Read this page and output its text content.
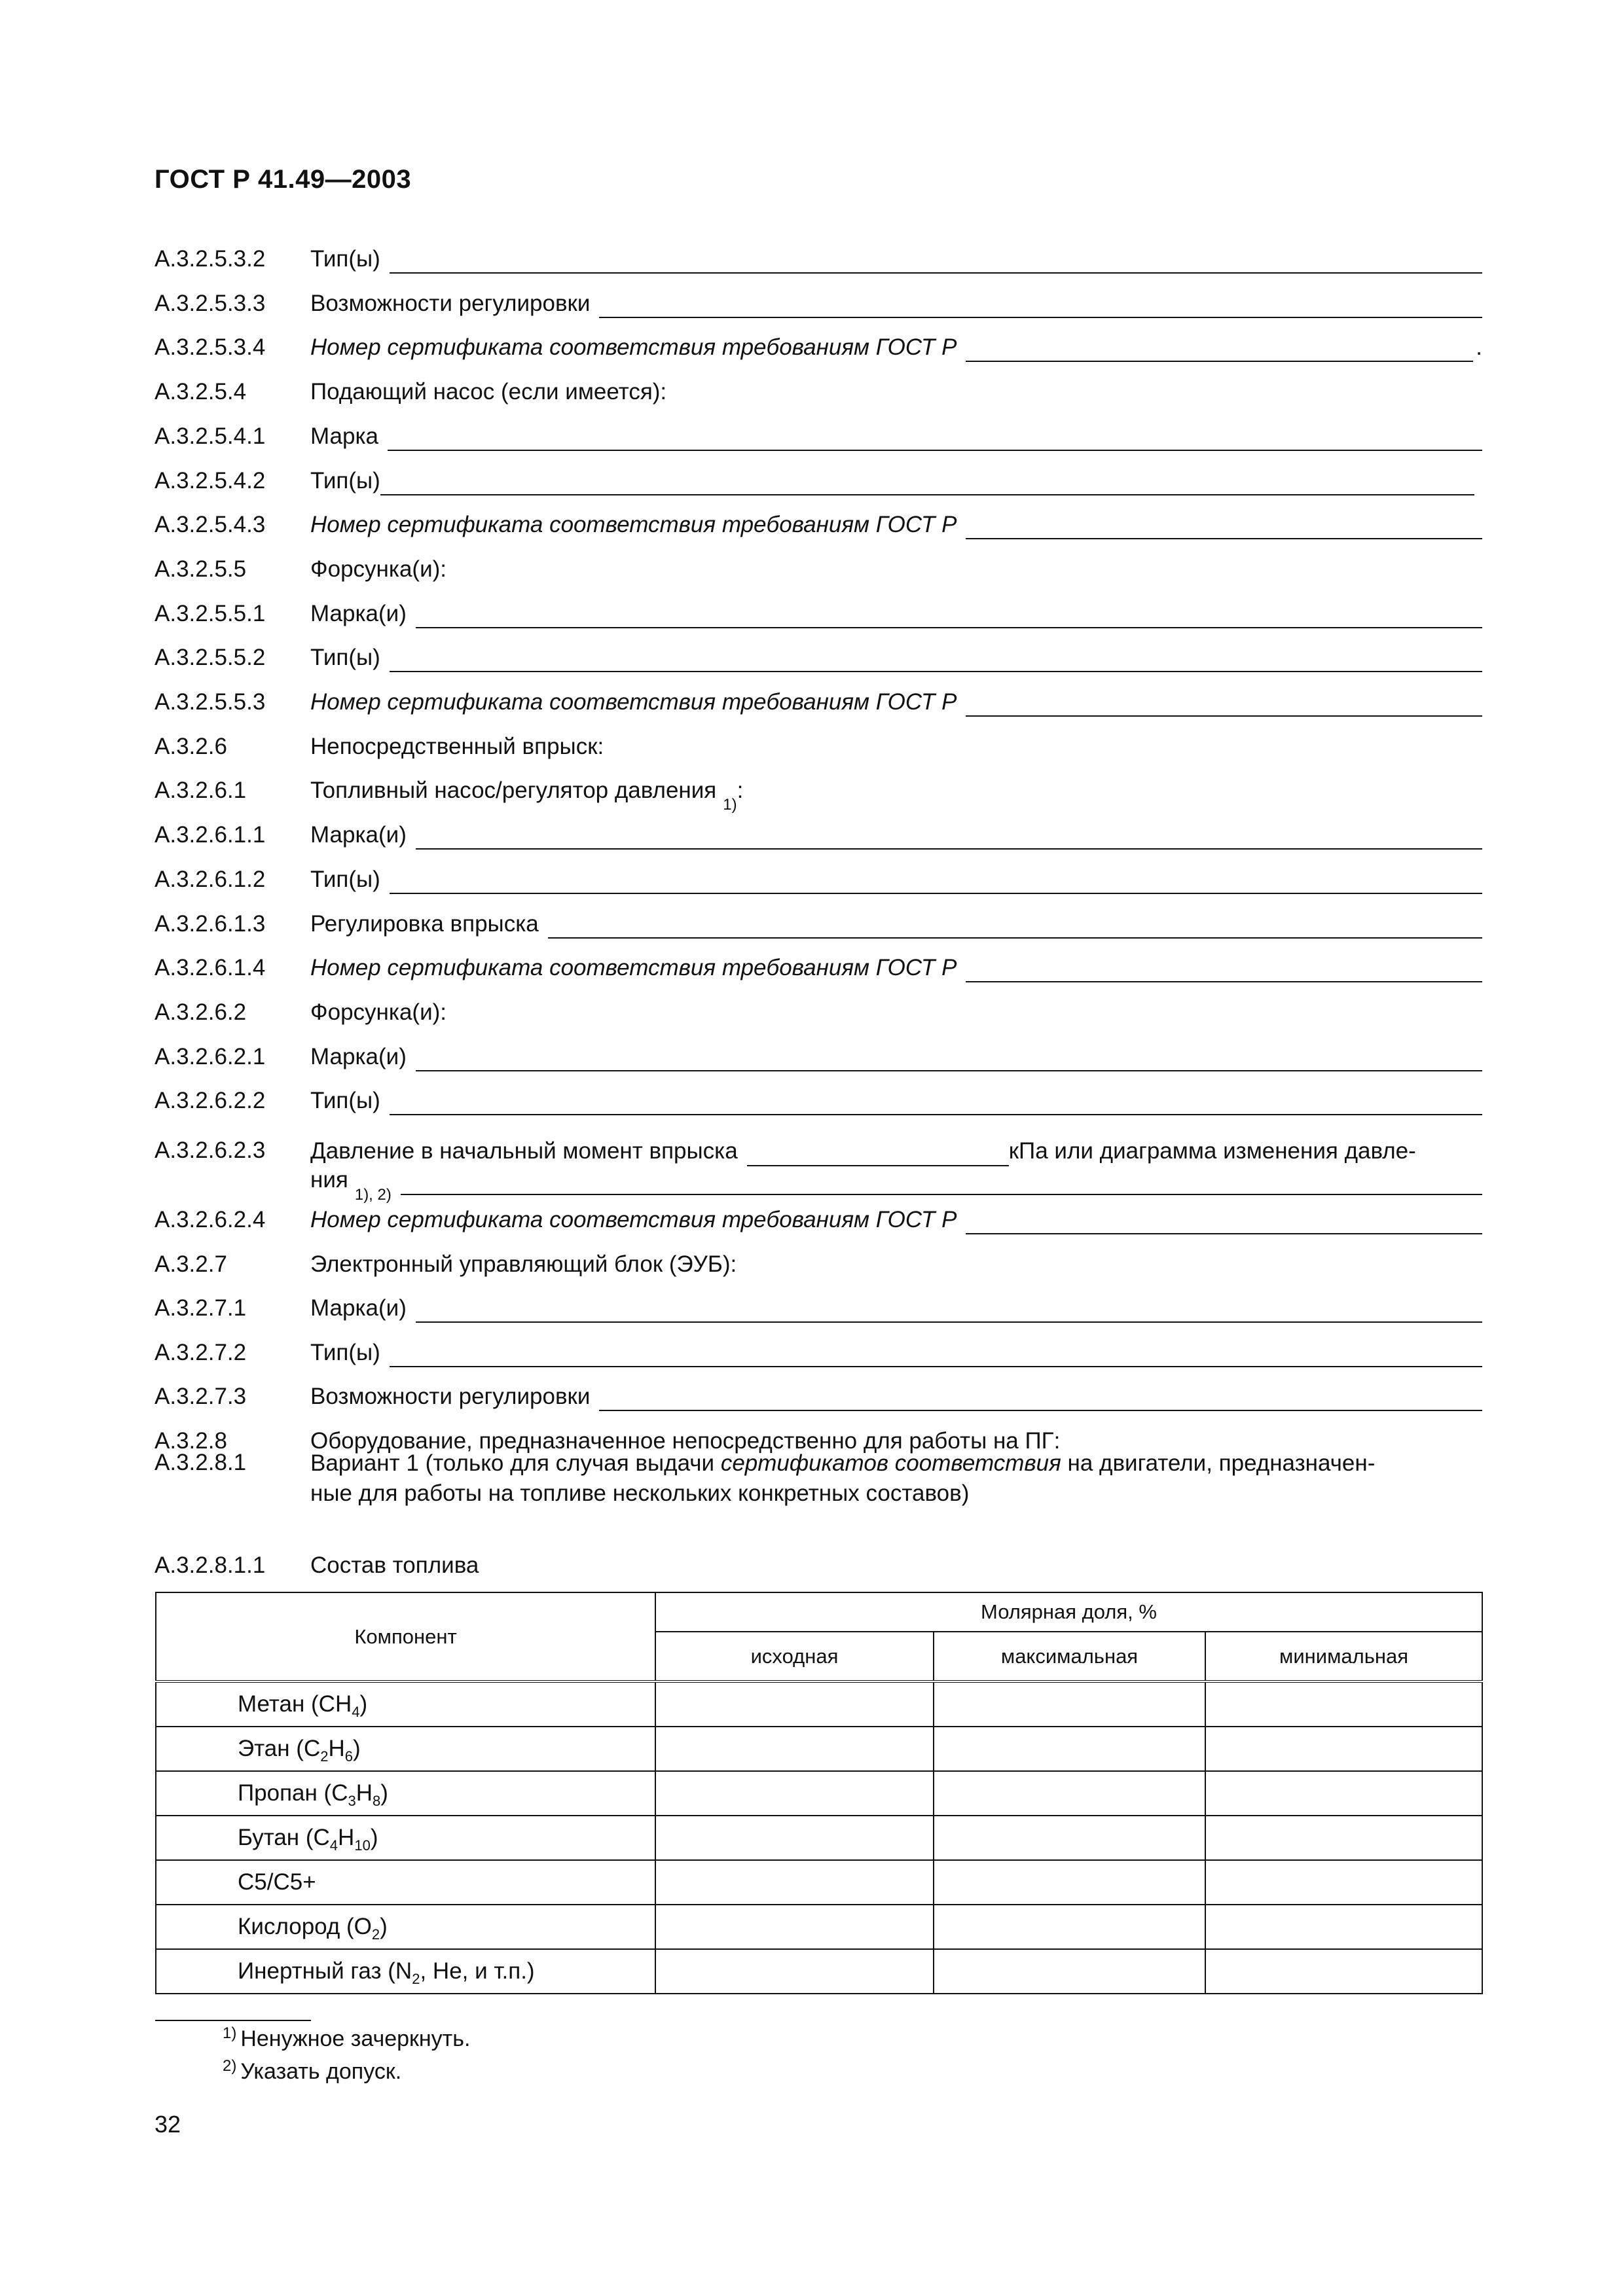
ГОСТ Р 41.49—2003
А.3.2.5.3.2 Тип(ы)
А.3.2.5.3.3 Возможности регулировки
А.3.2.5.3.4 Номер сертификата соответствия требованиям ГОСТ Р	.
А.3.2.5.4	Подающий насос (если имеется):
А.3.2.5.4.1 Марка
А.3.2.5.4.2 Тип(ы)
А.3.2.5.4.3 Номер сертификата соответствия требованиям ГОСТ Р
А.3.2.5.5	Форсунка(и):
А.3.2.5.5.1 Марка(и)
А.3.2.5.5.2 Тип(ы)
А.3.2.5.5.3 Номер сертификата соответствия требованиям ГОСТ Р
А.3.2.6	Непосредственный впрыск:
А.3.2.6.1	Топливный насос/регулятор давления
1)
:
А.3.2.6.1.1 Марка(и)
А.3.2.6.1.2 Тип(ы)
А.3.2.6.1.3 Регулировка впрыска
А.3.2.6.1.4 Номер сертификата соответствия требованиям ГОСТ Р
А.3.2.6.2	Форсунка(и):
А.3.2.6.2.1 Марка(и)
А.3.2.6.2.2 Тип(ы)
А.3.2.6.2.3 Давление в начальный момент впрыска	кПа или диаграмма изменения давле-
ния
1), 2)
А.3.2.6.2.4 Номер сертификата соответствия требованиям ГОСТ Р
А.3.2.7	Электронный управляющий блок (ЭУБ):
А.3.2.7.1	Марка(и)
А.3.2.7.2	Тип(ы)
А.3.2.7.3	Возможности регулировки
А.3.2.8	Оборудование, предназначенное непосредственно для работы на ПГ:
А.3.2.8.1	Вариант 1 (только для случая выдачи сертификатов соответствия на двигатели, предназначен-
ные для работы на топливе нескольких конкретных составов)
А.3.2.8.1.1 Состав топлива
Компонент	Молярная доля, %		
	исходная	максимальная	минимальная
Метан $(CH_4)$			
Этан $(C_2H_6)$			
Пропан $(C_3H_8)$			
Бутан $(C_4H_{10})$			
C5/C5+			
Кислород $(O_2)$			
Инертный газ ($N_2$, He, и т.п.)			
$^{1)}$ Ненужное зачеркнуть.
$^{2)}$ Указать допуск.
32
